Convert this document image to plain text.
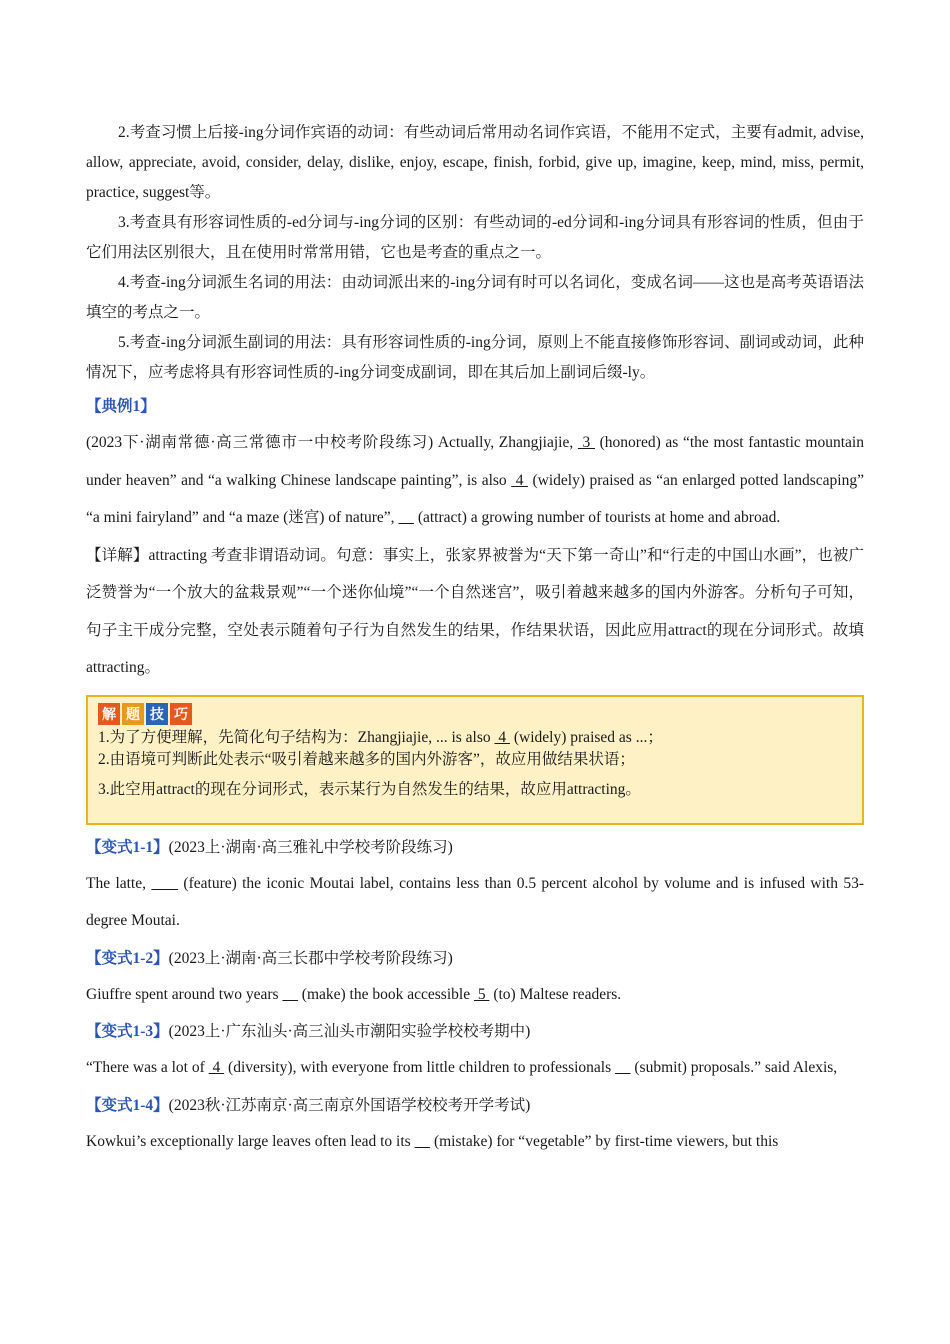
2.考查习惯上后接-ing分词作宾语的动词：有些动词后常用动名词作宾语，不能用不定式，主要有admit, advise, allow, appreciate, avoid, consider, delay, dislike, enjoy, escape, finish, forbid, give up, imagine, keep, mind, miss, permit, practice, suggest等。

3.考查具有形容词性质的-ed分词与-ing分词的区别：有些动词的-ed分词和-ing分词具有形容词的性质，但由于它们用法区别很大，且在使用时常常用错，它也是考查的重点之一。

4.考查-ing分词派生名词的用法：由动词派出来的-ing分词有时可以名词化，变成名词——这也是高考英语语法填空的考点之一。

5.考查-ing分词派生副词的用法：具有形容词性质的-ing分词，原则上不能直接修饰形容词、副词或动词，此种情况下，应考虑将具有形容词性质的-ing分词变成副词，即在其后加上副词后缀-ly。

【典例1】

(2023下·湖南常德·高三常德市一中校考阶段练习) Actually, Zhangjiajie,  3  (honored) as “the most fantastic mountain under heaven” and “a walking Chinese landscape painting”, is also  4  (widely) praised as “an enlarged potted landscaping” “a mini fairyland” and “a maze (迷宫) of nature”,      (attract) a growing number of tourists at home and abroad.

【详解】attracting 考查非谓语动词。句意：事实上，张家界被誉为“天下第一奇山”和“行走的中国山水画”，也被广泛赞誉为“一个放大的盆栽景观”“一个迷你仙境”“一个自然迷宫”，吸引着越来越多的国内外游客。分析句子可知，句子主干成分完整，空处表示随着句子行为自然发生的结果，作结果状语，因此应用attract的现在分词形式。故填attracting。

解 题 技 巧

1.为了方便理解，先简化句子结构为：Zhangjiajie, ... is also  4  (widely) praised as ...；

2.由语境可判断此处表示“吸引着越来越多的国内外游客”，故应用做结果状语；

3.此空用attract的现在分词形式，表示某行为自然发生的结果，故应用attracting。

【变式1-1】(2023上·湖南·高三雅礼中学校考阶段练习)

The latte,       (feature) the iconic Moutai label, contains less than 0.5 percent alcohol by volume and is infused with 53-degree Moutai.

【变式1-2】(2023上·湖南·高三长郡中学校考阶段练习)

Giuffre spent around two years      (make) the book accessible  5  (to) Maltese readers.

【变式1-3】(2023上·广东汕头·高三汕头市潮阳实验学校校考期中)

“There was a lot of  4  (diversity), with everyone from little children to professionals      (submit) proposals.” said Alexis,

【变式1-4】(2023秋·江苏南京·高三南京外国语学校校考开学考试)

Kowkui’s exceptionally large leaves often lead to its      (mistake) for “vegetable” by first-time viewers, but this
